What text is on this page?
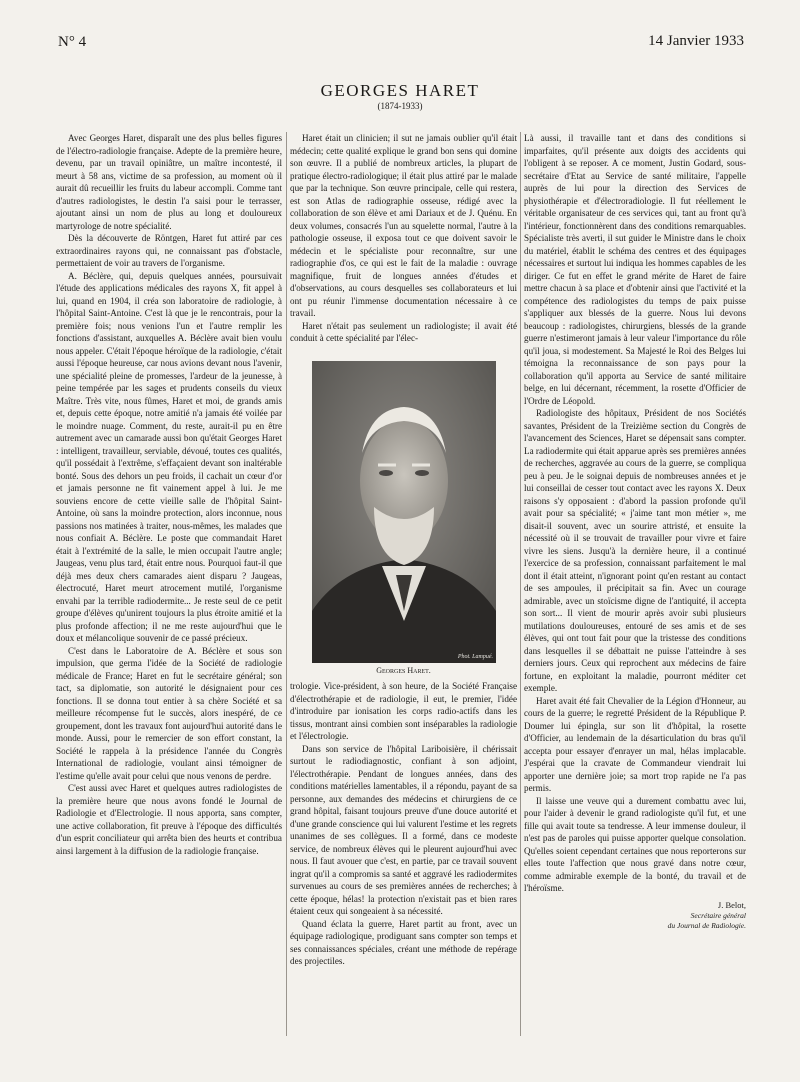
N° 4	14 Janvier 1933
GEORGES HARET
(1874-1933)

Avec Georges Haret, disparaît une des plus belles figures de l'électro-radiologie française. Adepte de la première heure, devenu, par un travail opiniâtre, un maître incontesté, il meurt à 58 ans, victime de sa profession, au moment où il aurait dû recueillir les fruits du labeur accompli. Comme tant d'autres radiologistes, le destin l'a saisi pour le terrasser, ajoutant ainsi un nom de plus au long et douloureux martyrologe de notre spécialité.

Dès la découverte de Röntgen, Haret fut attiré par ces extraordinaires rayons qui, ne connaissant pas d'obstacle, permettaient de voir au travers de l'organisme.

A. Béclère, qui, depuis quelques années, poursuivait l'étude des applications médicales des rayons X, fit appel à lui, quand en 1904, il créa son laboratoire de radiologie, à l'hôpital Saint-Antoine. C'est là que je le rencontrais, pour la première fois; nous venions l'un et l'autre remplir les fonctions d'assistant, auxquelles A. Béclère avait bien voulu nous appeler. C'était l'époque héroïque de la radiologie, c'était aussi l'époque heureuse, car nous avions devant nous l'avenir, une spécialité pleine de promesses, l'ardeur de la jeunesse, à peine tempérée par les sages et prudents conseils du vieux Maître. Très vite, nous fûmes, Haret et moi, de grands amis et, depuis cette époque, notre amitié n'a jamais été voilée par le moindre nuage. Comment, du reste, aurait-il pu en être autrement avec un camarade aussi bon qu'était Georges Haret : intelligent, travailleur, serviable, dévoué, toutes ces qualités, qu'il possédait à l'extrême, s'effaçaient devant son inaltérable bonté. Sous des dehors un peu froids, il cachait un cœur d'or et jamais personne ne fit vainement appel à lui. Je me souviens encore de cette vieille salle de l'hôpital Saint-Antoine, où sans la moindre protection, alors inconnue, nous passions nos matinées à traiter, nous-mêmes, les malades que nous confiait A. Béclère. Le poste que commandait Haret était à l'extrémité de la salle, le mien occupait l'autre angle; Jaugeas, venu plus tard, était entre nous. Pourquoi faut-il que déjà mes deux chers camarades aient disparu ? Jaugeas, électrocuté, Haret meurt atrocement mutilé, l'organisme envahi par la terrible radiodermite... Je reste seul de ce petit groupe d'élèves qu'unirent toujours la plus étroite amitié et la plus profonde affection; il ne me reste aujourd'hui que le doux et mélancolique souvenir de ce passé précieux.

C'est dans le Laboratoire de A. Béclère et sous son impulsion, que germa l'idée de la Société de radiologie médicale de France; Haret en fut le secrétaire général; son tact, sa diplomatie, son autorité le désignaient pour ces fonctions. Il se donna tout entier à sa chère Société et sa meilleure récompense fut le succès, alors inespéré, de ce groupement, dont les travaux font aujourd'hui autorité dans le monde. Aussi, pour le remercier de son effort constant, la Société le rappela à la présidence l'année du Congrès International de radiologie, voulant ainsi témoigner de l'estime qu'elle avait pour celui que nous venons de perdre.

C'est aussi avec Haret et quelques autres radiologistes de la première heure que nous avons fondé le Journal de Radiologie et d'Electrologie. Il nous apporta, sans compter, une active collaboration, fit preuve à l'époque des difficultés d'un esprit conciliateur qui arrêta bien des heurts et contribua ainsi largement à la diffusion de la radiologie française.

Haret était un clinicien; il sut ne jamais oublier qu'il était médecin; cette qualité explique le grand bon sens qui domine son œuvre. Il a publié de nombreux articles, la plupart de pratique électro-radiologique; il était plus attiré par le malade que par la technique. Son œuvre principale, celle qui restera, est son Atlas de radiographie osseuse, rédigé avec la collaboration de son élève et ami Dariaux et de J. Quénu. En deux volumes, consacrés l'un au squelette normal, l'autre à la pathologie osseuse, il exposa tout ce que doivent savoir le médecin et le spécialiste pour reconnaître, sur une radiographie d'os, ce qui est le fait de la maladie : ouvrage magnifique, fruit de longues années d'études et d'observations, au cours desquelles ses collaborateurs et lui ont pu réunir l'immense documentation nécessaire à ce travail.

Haret n'était pas seulement un radiologiste; il avait été conduit à cette spécialité par l'élec-

Phot. Lampué.
Georges Haret.

trologie. Vice-président, à son heure, de la Société Française d'électrothérapie et de radiologie, il eut, le premier, l'idée d'introduire par ionisation les corps radio-actifs dans les tissus, montrant ainsi combien sont inséparables la radiologie et l'électrologie.

Dans son service de l'hôpital Lariboisière, il chérissait surtout le radiodiagnostic, confiant à son adjoint, l'électrothérapie. Pendant de longues années, dans des conditions matérielles lamentables, il a répondu, payant de sa personne, aux demandes des médecins et chirurgiens de ce grand hôpital, faisant toujours preuve d'une douce autorité et d'une grande conscience qui lui valurent l'estime et les regrets unanimes de ses collègues. Il a formé, dans ce modeste service, de nombreux élèves qui le pleurent aujourd'hui avec nous. Il faut avouer que c'est, en partie, par ce travail souvent ingrat qu'il a compromis sa santé et aggravé les radiodermites survenues au cours de ses premières années de recherches; à cette époque, hélas! la protection n'existait pas et bien rares étaient ceux qui songeaient à sa nécessité.

Quand éclata la guerre, Haret partit au front, avec un équipage radiologique, prodiguant sans compter son temps et ses connaissances spéciales, créant une méthode de repérage des projectiles.

Là aussi, il travaille tant et dans des conditions si imparfaites, qu'il présente aux doigts des accidents qui l'obligent à se reposer. A ce moment, Justin Godard, sous-secrétaire d'Etat au Service de santé militaire, l'appelle auprès de lui pour la direction des Services de physiothérapie et d'électroradiologie. Il fut réellement le véritable organisateur de ces services qui, tant au front qu'à l'intérieur, fonctionnèrent dans des conditions remarquables. Spécialiste très averti, il sut guider le Ministre dans le choix du matériel, établit le schéma des centres et des équipages nécessaires et surtout lui indiqua les hommes capables de les diriger. Ce fut en effet le grand mérite de Haret de faire mettre chacun à sa place et d'obtenir ainsi que l'activité et la compétence des radiologistes du temps de paix puisse s'appliquer aux blessés de la guerre. Nous lui devons beaucoup : radiologistes, chirurgiens, blessés de la grande guerre n'estimeront jamais à leur valeur l'importance du rôle qu'il joua, si modestement. Sa Majesté le Roi des Belges lui témoigna la reconnaissance de son pays pour la collaboration qu'il apporta au Service de santé militaire belge, en lui décernant, récemment, la rosette d'Officier de l'Ordre de Léopold.

Radiologiste des hôpitaux, Président de nos Sociétés savantes, Président de la Treizième section du Congrès de l'avancement des Sciences, Haret se dépensait sans compter. La radiodermite qui était apparue après ses premières années de recherches, aggravée au cours de la guerre, se compliqua peu à peu. Je le soignai depuis de nombreuses années et je lui conseillai de cesser tout contact avec les rayons X. Deux raisons s'y opposaient : d'abord la passion profonde qu'il avait pour sa spécialité; « j'aime tant mon métier », me disait-il souvent, avec un sourire attristé, et ensuite la nécessité où il se trouvait de travailler pour vivre et faire vivre les siens. Jusqu'à la dernière heure, il a continué l'exercice de sa profession, connaissant parfaitement le mal dont il était atteint, n'ignorant point qu'en restant au contact de ses ampoules, il précipitait sa fin. Avec un courage admirable, avec un stoïcisme digne de l'antiquité, il accepta son sort... Il vient de mourir après avoir subi plusieurs mutilations douloureuses, entouré de ses amis et de ses élèves, qui ont tout fait pour que la tristesse des conditions dans lesquelles il se débattait ne puisse l'atteindre à ses derniers jours. Ceux qui reprochent aux médecins de faire fortune, en exploitant la maladie, pourront méditer cet exemple.

Haret avait été fait Chevalier de la Légion d'Honneur, au cours de la guerre; le regretté Président de la République P. Doumer lui épingla, sur son lit d'hôpital, la rosette d'Officier, au lendemain de la désarticulation du bras qu'il accepta pour essayer d'enrayer un mal, hélas implacable. J'espérai que la cravate de Commandeur viendrait lui apporter une dernière joie; sa mort trop rapide ne l'a pas permis.

Il laisse une veuve qui a durement combattu avec lui, pour l'aider à devenir le grand radiologiste qu'il fut, et une fille qui avait toute sa tendresse. A leur immense douleur, il n'est pas de paroles qui puisse apporter quelque consolation. Qu'elles soient cependant certaines que nous reporterons sur elles toute l'affection que nous gravé dans notre cœur, comme admirable exemple de la bonté, du travail et de l'héroïsme.

J. Belot,
Secrétaire général
du Journal de Radiologie.
